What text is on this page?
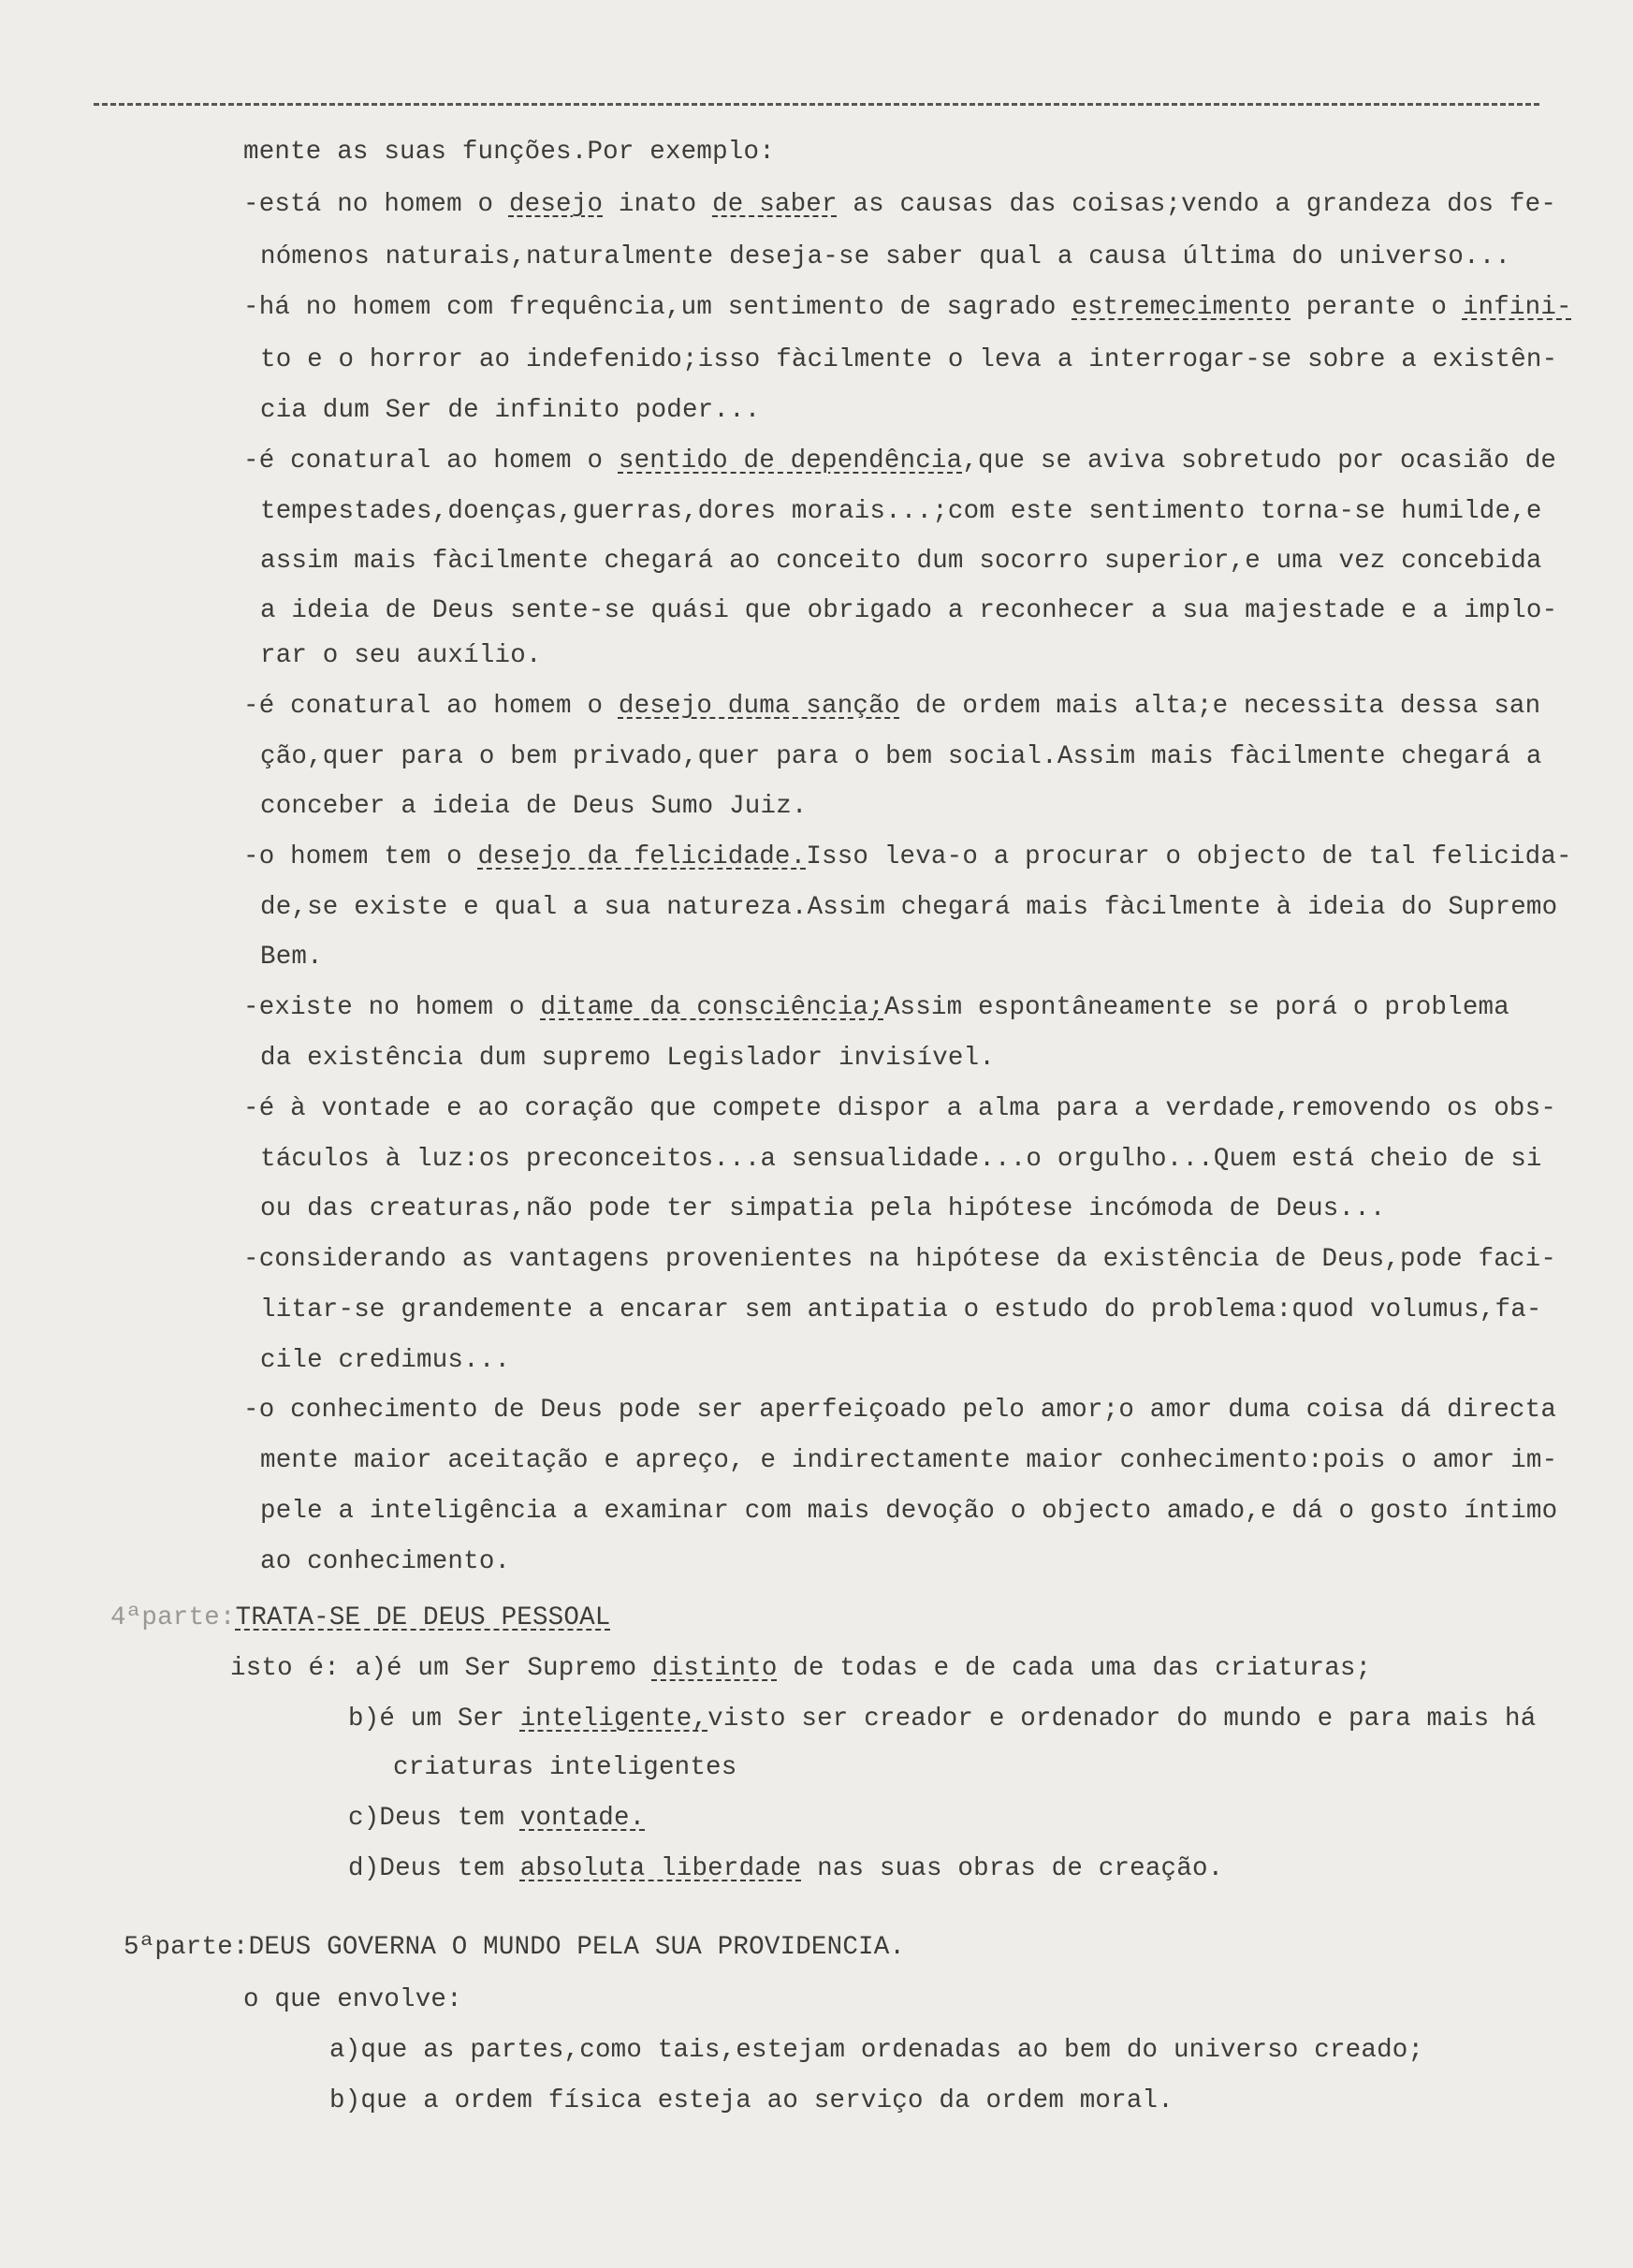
mente as suas funções.Por exemplo:
-está no homem o desejo inato de saber as causas das coisas;vendo a grandeza dos fe-
nómenos naturais,naturalmente deseja-se saber qual a causa última do universo...
-há no homem com frequência,um sentimento de sagrado estremecimento perante o infini-
to e o horror ao indefenido;isso fàcilmente o leva a interrogar-se sobre a existên-
cia dum Ser de infinito poder...
-é conatural ao homem o sentido de dependência,que se aviva sobretudo por ocasião de
tempestades,doenças,guerras,dores morais...;com este sentimento torna-se humilde,e
assim mais fàcilmente chegará ao conceito dum socorro superior,e uma vez concebida
a ideia de Deus sente-se quási que obrigado a reconhecer a sua majestade e a implo-
rar o seu auxílio.
-é conatural ao homem o desejo duma sanção de ordem mais alta;e necessita dessa san
ção,quer para o bem privado,quer para o bem social.Assim mais fàcilmente chegará a
conceber a ideia de Deus Sumo Juiz.
-o homem tem o desejo da felicidade.Isso leva-o a procurar o objecto de tal felicida-
de,se existe e qual a sua natureza.Assim chegará mais fàcilmente à ideia do Supremo
Bem.
-existe no homem o ditame da consciência;Assim espontâneamente se porá o problema
da existência dum supremo Legislador invisível.
-é à vontade e ao coração que compete dispor a alma para a verdade,removendo os obs-
táculos à luz:os preconceitos...a sensualidade...o orgulho...Quem está cheio de si
ou das creaturas,não pode ter simpatia pela hipótese incómoda de Deus...
-considerando as vantagens provenientes na hipótese da existência de Deus,pode faci-
litar-se grandemente a encarar sem antipatia o estudo do problema:quod volumus,fa-
cile credimus...
-o conhecimento de Deus pode ser aperfeiçoado pelo amor;o amor duma coisa dá directa
mente maior aceitação e apreço, e indirectamente maior conhecimento:pois o amor im-
pele a inteligência a examinar com mais devoção o objecto amado,e dá o gosto íntimo
ao conhecimento.
4ªparte:TRATA-SE DE DEUS PESSOAL
isto é: a)é um Ser Supremo distinto de todas e de cada uma das criaturas;
b)é um Ser inteligente,visto ser creador e ordenador do mundo e para mais há
criaturas inteligentes
c)Deus tem vontade.
d)Deus tem absoluta liberdade nas suas obras de creação.
5ªparte:DEUS GOVERNA O MUNDO PELA SUA PROVIDENCIA.
o que envolve:
a)que as partes,como tais,estejam ordenadas ao bem do universo creado;
b)que a ordem física esteja ao serviço da ordem moral.
